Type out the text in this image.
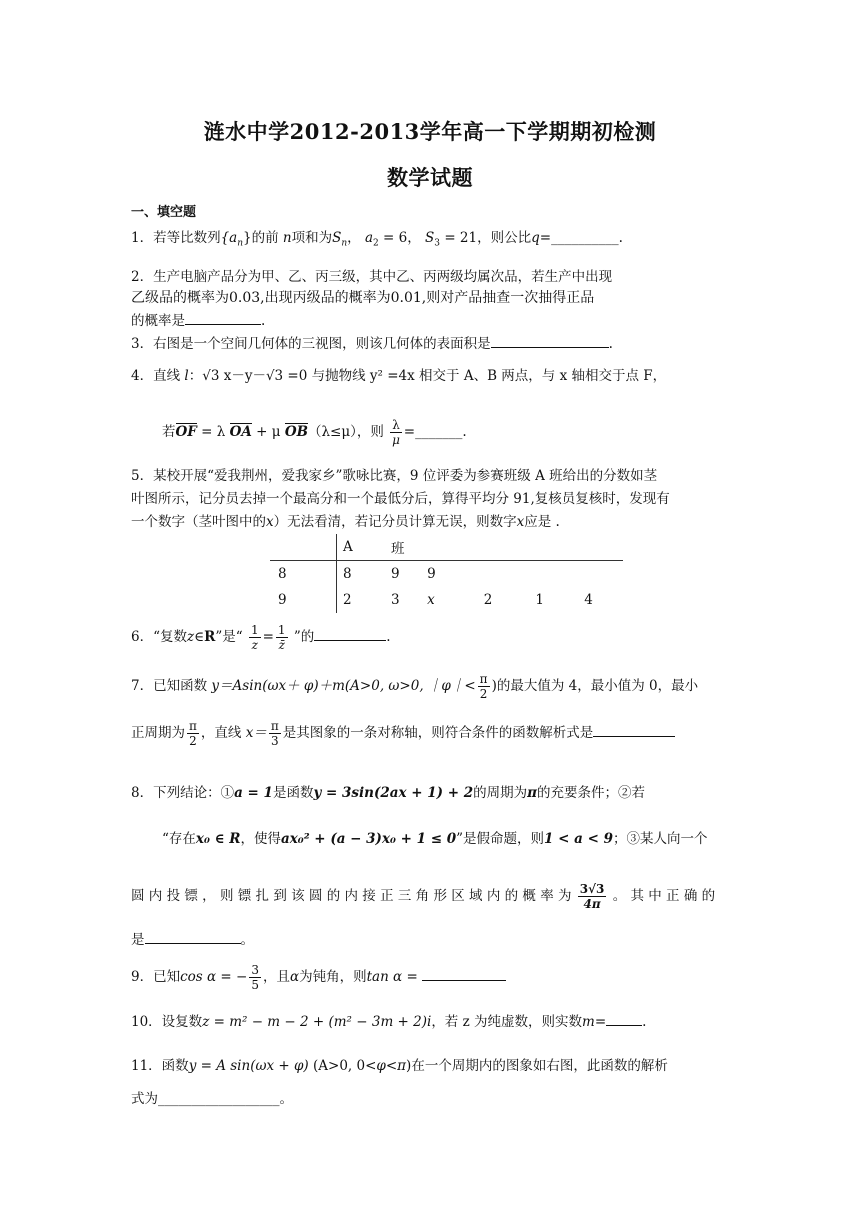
涟水中学2012-2013学年高一下学期期初检测
数学试题
一、填空题
1．若等比数列$\{a_n\}$的前 n项和为$S_n$， $a_2 = 6$， $S_3 = 21$，则公比q=__________.
2．生产电脑产品分为甲、乙、丙三级，其中乙、丙两级均属次品，若生产中出现
乙级品的概率为0.03,出现丙级品的概率为0.01,则对产品抽查一次抽得正品
的概率是	.
3．右图是一个空间几何体的三视图，则该几何体的表面积是	.
4．直线 l：√3 x－y－√3 =0 与抛物线 y² =4x 相交于 A、B 两点，与 x 轴相交于点 F，
若OF = λ OA + μ OB（λ≤μ），则 $\frac{\lambda}{\mu}$ =_______.
5．某校开展“爱我荆州，爱我家乡”歌咏比赛，9 位评委为参赛班级 A 班给出的分数如茎
叶图所示，记分员去掉一个最高分和一个最低分后，算得平均分 91,复核员复核时，发现有
一个数字（茎叶图中的x）无法看清，若记分员计算无误，则数字x应是 .
	A	班				
8	8	9	9			
9	2	3	x	2	1	4
6．“复数z∈R”是“ $\frac{1}{z} = \frac{1}{z̄}$ ”的	.
7．已知函数 y＝Asin(ωx＋ φ)＋m(A>0, ω>0, ｜φ｜< $\frac{\pi}{2}$ )的最大值为 4，最小值为 0，最小
正周期为 $\frac{\pi}{2}$ ，直线 $x= \frac{\pi}{3}$ 是其图象的一条对称轴，则符合条件的函数解析式是
8．下列结论：①a = 1是函数y = 3sin(2ax + 1) + 2的周期为π的充要条件；②若
“存在x₀ ∈ R，使得ax₀² + (a − 3)x₀ + 1 ≤ 0”是假命题，则1 < a < 9；③某人向一个
圆 内 投 镖 ， 则 镖 扎 到 该 圆 的 内 接 正 三 角 形 区 域 内 的 概 率 为 $\frac{3√3}{4\pi}$ 。 其 中 正 确 的
是	。
9．已知cos α = − $\frac{3}{5}$ ，且α为钝角，则tan α =
10．设复数z = m² − m − 2 + (m² − 3m + 2)i，若 z 为纯虚数，则实数m=	.
11．函数y = A sin(ωx + φ) (A>0, 0<φ<π)在一个周期内的图象如右图，此函数的解析
式为__________________。
